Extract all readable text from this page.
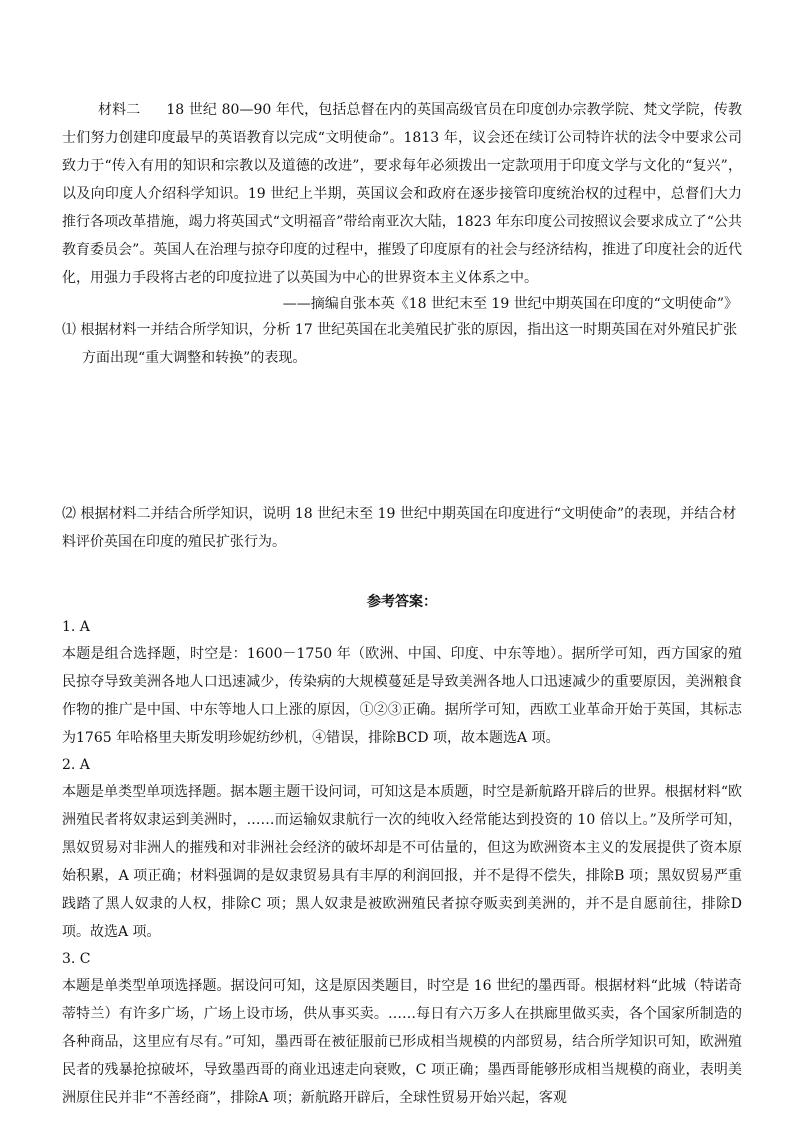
材料二 18 世纪 80—90 年代，包括总督在内的英国高级官员在印度创办宗教学院、梵文学院，传教士们努力创建印度最早的英语教育以完成“文明使命”。1813 年，议会还在续订公司特许状的法令中要求公司致力于“传入有用的知识和宗教以及道德的改进”，要求每年必须拨出一定款项用于印度文学与文化的“复兴”，以及向印度人介绍科学知识。19 世纪上半期，英国议会和政府在逐步接管印度统治权的过程中，总督们大力推行各项改革措施，竭力将英国式“文明福音”带给南亚次大陆，1823 年东印度公司按照议会要求成立了“公共教育委员会”。英国人在治理与掠夺印度的过程中，摧毁了印度原有的社会与经济结构，推进了印度社会的近代化，用强力手段将古老的印度拉进了以英国为中心的世界资本主义体系之中。

——摘编自张本英《18 世纪末至 19 世纪中期英国在印度的“文明使命”》

⑴ 根据材料一并结合所学知识，分析 17 世纪英国在北美殖民扩张的原因，指出这一时期英国在对外殖民扩张方面出现“重大调整和转换”的表现。

⑵ 根据材料二并结合所学知识，说明 18 世纪末至 19 世纪中期英国在印度进行“文明使命”的表现，并结合材料评价英国在印度的殖民扩张行为。

参考答案：

1. A

本题是组合选择题，时空是：1600－1750 年（欧洲、中国、印度、中东等地）。据所学可知，西方国家的殖民掠夺导致美洲各地人口迅速减少，传染病的大规模蔓延是导致美洲各地人口迅速减少的重要原因，美洲粮食作物的推广是中国、中东等地人口上涨的原因，①②③正确。据所学可知，西欧工业革命开始于英国，其标志为1765 年哈格里夫斯发明珍妮纺纱机，④错误，排除BCD 项，故本题选A 项。

2. A

本题是单类型单项选择题。据本题主题干设问词，可知这是本质题，时空是新航路开辟后的世界。根据材料“欧洲殖民者将奴隶运到美洲时，……而运输奴隶航行一次的纯收入经常能达到投资的 10 倍以上。”及所学可知，黑奴贸易对非洲人的摧残和对非洲社会经济的破坏却是不可估量的，但这为欧洲资本主义的发展提供了资本原始积累，A 项正确；材料强调的是奴隶贸易具有丰厚的利润回报，并不是得不偿失，排除B 项；黑奴贸易严重践踏了黑人奴隶的人权，排除C 项；黑人奴隶是被欧洲殖民者掠夺贩卖到美洲的，并不是自愿前往，排除D 项。故选A 项。

3. C

本题是单类型单项选择题。据设问可知，这是原因类题目，时空是 16 世纪的墨西哥。根据材料“此城（特诺奇蒂特兰）有许多广场，广场上设市场，供从事买卖。……每日有六万多人在拱廊里做买卖，各个国家所制造的各种商品，这里应有尽有。”可知，墨西哥在被征服前已形成相当规模的内部贸易，结合所学知识可知，欧洲殖民者的残暴抢掠破坏，导致墨西哥的商业迅速走向衰败，C 项正确；墨西哥能够形成相当规模的商业，表明美洲原住民并非“不善经商”，排除A 项；新航路开辟后，全球性贸易开始兴起，客观
